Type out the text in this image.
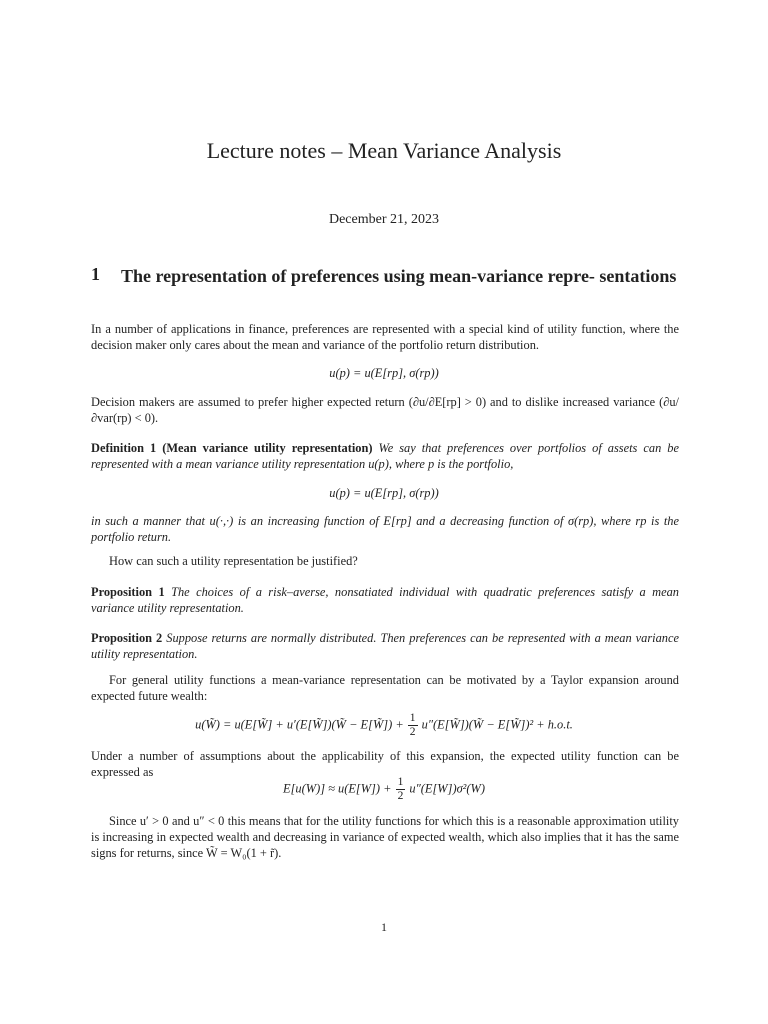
Lecture notes – Mean Variance Analysis
December 21, 2023
1 The representation of preferences using mean-variance repre- sentations
In a number of applications in finance, preferences are represented with a special kind of utility function, where the decision maker only cares about the mean and variance of the portfolio return distribution.
u(p) = u(E[rp], σ(rp))
Decision makers are assumed to prefer higher expected return (∂u/∂E[rp] > 0) and to dislike increased variance (∂u/∂var(rp) < 0).
Definition 1 (Mean variance utility representation) We say that preferences over portfolios of assets can be represented with a mean variance utility representation u(p), where p is the portfolio,
u(p) = u(E[rp], σ(rp))
in such a manner that u(·,·) is an increasing function of E[rp] and a decreasing function of σ(rp), where rp is the portfolio return.
How can such a utility representation be justified?
Proposition 1 The choices of a risk–averse, nonsatiated individual with quadratic preferences satisfy a mean variance utility representation.
Proposition 2 Suppose returns are normally distributed. Then preferences can be represented with a mean variance utility representation.
For general utility functions a mean-variance representation can be motivated by a Taylor expansion around expected future wealth:
u(W̃) = u(E[W̃] + u′(E[W̃])(W̃ − E[W̃]) + $\frac{1}{2}$ u″(E[W̃])(W̃ − E[W̃])² + h.o.t.
Under a number of assumptions about the applicability of this expansion, the expected utility function can be expressed as
$E[u(W)] \approx u(E[W]) + \frac{1}{2} u''(E[W])\sigma^2(W)$
Since u′ > 0 and u″ < 0 this means that for the utility functions for which this is a reasonable approximation utility is increasing in expected wealth and decreasing in variance of expected wealth, which also implies that it has the same signs for returns, since W̃ = W₀(1 + r̃).
1
